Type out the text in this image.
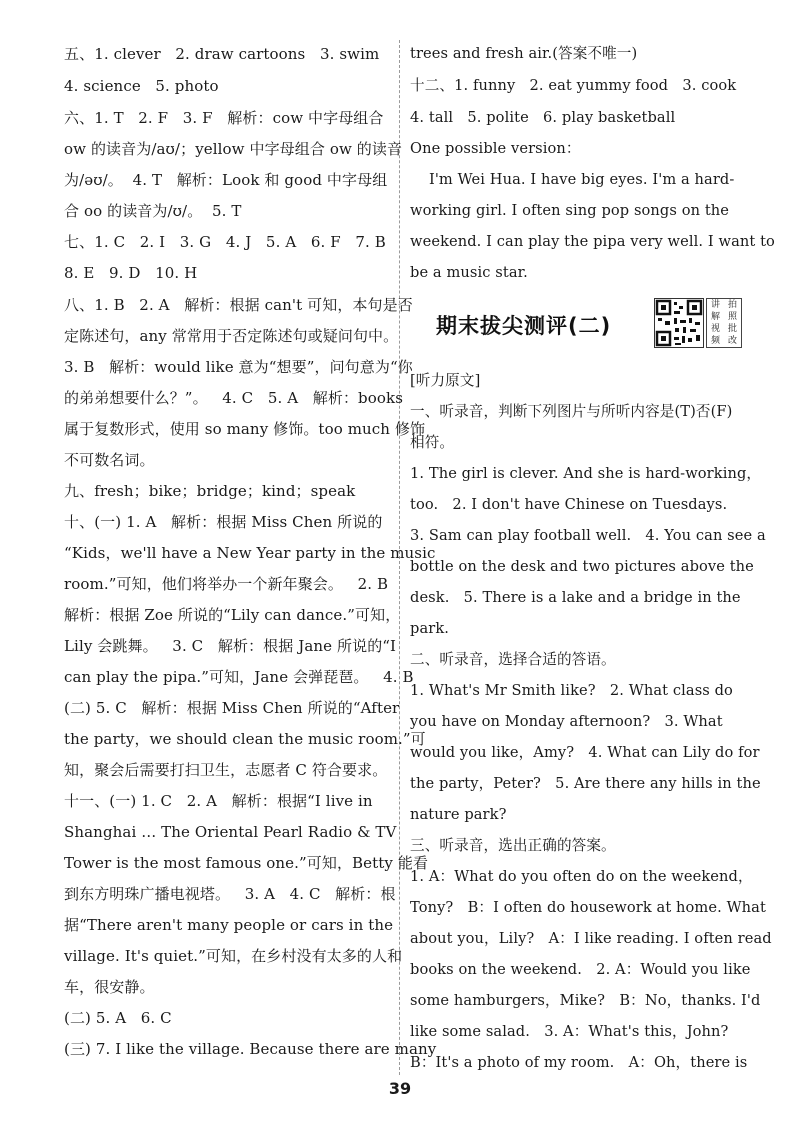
五、1. clever   2. draw cartoons   3. swim
4. science   5. photo
六、1. T   2. F   3. F   解析：cow 中字母组合
ow 的读音为/aʊ/；yellow 中字母组合 ow 的读音
为/əʊ/。  4. T   解析：Look 和 good 中字母组
合 oo 的读音为/ʊ/。  5. T
七、1. C   2. I   3. G   4. J   5. A   6. F   7. B
8. E   9. D   10. H
八、1. B   2. A   解析：根据 can't 可知，本句是否
定陈述句，any 常常用于否定陈述句或疑问句中。
3. B   解析：would like 意为“想要”，问句意为“你
的弟弟想要什么？”。   4. C   5. A   解析：books
属于复数形式，使用 so many 修饰。too much 修饰
不可数名词。
九、fresh；bike；bridge；kind；speak
十、(一) 1. A   解析：根据 Miss Chen 所说的
“Kids，we'll have a New Year party in the music
room.”可知，他们将举办一个新年聚会。   2. B
解析：根据 Zoe 所说的“Lily can dance.”可知，
Lily 会跳舞。   3. C   解析：根据 Jane 所说的“I
can play the pipa.”可知，Jane 会弹琵琶。   4. B
(二) 5. C   解析：根据 Miss Chen 所说的“After
the party，we should clean the music room.”可
知，聚会后需要打扫卫生，志愿者 C 符合要求。
十一、(一) 1. C   2. A   解析：根据“I live in
Shanghai … The Oriental Pearl Radio & TV
Tower is the most famous one.”可知，Betty 能看
到东方明珠广播电视塔。   3. A   4. C   解析：根
据“There aren't many people or cars in the
village. It's quiet.”可知，在乡村没有太多的人和
车，很安静。
(二) 5. A   6. C
(三) 7. I like the village. Because there are many
trees and fresh air.(答案不唯一)
十二、1. funny   2. eat yummy food   3. cook
4. tall   5. polite   6. play basketball
One possible version：
I'm Wei Hua. I have big eyes. I'm a hard-
working girl. I often sing pop songs on the
weekend. I can play the pipa very well. I want to
be a music star.
期末拔尖测评(二)
讲 拍
解 照
视 批
频 改
[听力原文]
一、听录音，判断下列图片与所听内容是(T)否(F)
相符。
1. The girl is clever. And she is hard-working，
too.   2. I don't have Chinese on Tuesdays.
3. Sam can play football well.   4. You can see a
bottle on the desk and two pictures above the
desk.   5. There is a lake and a bridge in the
park.
二、听录音，选择合适的答语。
1. What's Mr Smith like?   2. What class do
you have on Monday afternoon?   3. What
would you like，Amy?   4. What can Lily do for
the party，Peter?   5. Are there any hills in the
nature park?
三、听录音，选出正确的答案。
1. A：What do you often do on the weekend，
Tony?   B：I often do housework at home. What
about you，Lily?   A：I like reading. I often read
books on the weekend.   2. A：Would you like
some hamburgers，Mike?   B：No，thanks. I'd
like some salad.   3. A：What's this，John?
B：It's a photo of my room.   A：Oh，there is
39
